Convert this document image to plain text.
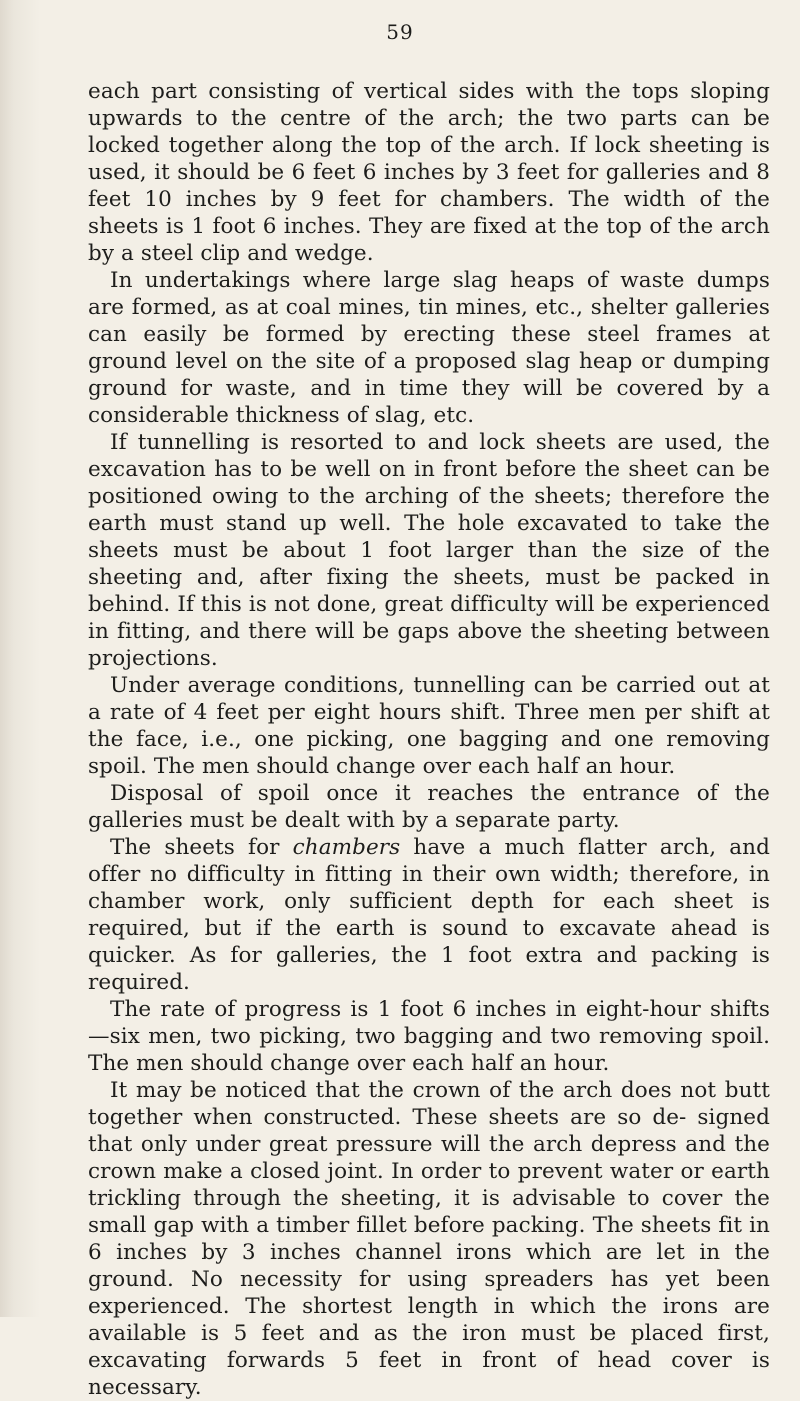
59

each part consisting of vertical sides with the tops sloping upwards to the centre of the arch; the two parts can be locked together along the top of the arch. If lock sheeting is used, it should be 6 feet 6 inches by 3 feet for galleries and 8 feet 10 inches by 9 feet for chambers. The width of the sheets is 1 foot 6 inches. They are fixed at the top of the arch by a steel clip and wedge.

In undertakings where large slag heaps of waste dumps are formed, as at coal mines, tin mines, etc., shelter galleries can easily be formed by erecting these steel frames at ground level on the site of a proposed slag heap or dumping ground for waste, and in time they will be covered by a considerable thickness of slag, etc.

If tunnelling is resorted to and lock sheets are used, the excavation has to be well on in front before the sheet can be positioned owing to the arching of the sheets; therefore the earth must stand up well. The hole excavated to take the sheets must be about 1 foot larger than the size of the sheeting and, after fixing the sheets, must be packed in behind. If this is not done, great difficulty will be experienced in fitting, and there will be gaps above the sheeting between projections.

Under average conditions, tunnelling can be carried out at a rate of 4 feet per eight hours shift. Three men per shift at the face, i.e., one picking, one bagging and one removing spoil. The men should change over each half an hour.

Disposal of spoil once it reaches the entrance of the galleries must be dealt with by a separate party.

The sheets for chambers have a much flatter arch, and offer no difficulty in fitting in their own width; therefore, in chamber work, only sufficient depth for each sheet is required, but if the earth is sound to excavate ahead is quicker. As for galleries, the 1 foot extra and packing is required.

The rate of progress is 1 foot 6 inches in eight-hour shifts —six men, two picking, two bagging and two removing spoil. The men should change over each half an hour.

It may be noticed that the crown of the arch does not butt together when constructed. These sheets are so de- signed that only under great pressure will the arch depress and the crown make a closed joint. In order to prevent water or earth trickling through the sheeting, it is advisable to cover the small gap with a timber fillet before packing. The sheets fit in 6 inches by 3 inches channel irons which are let in the ground. No necessity for using spreaders has yet been experienced. The shortest length in which the irons are available is 5 feet and as the iron must be placed first, excavating forwards 5 feet in front of head cover is necessary.
